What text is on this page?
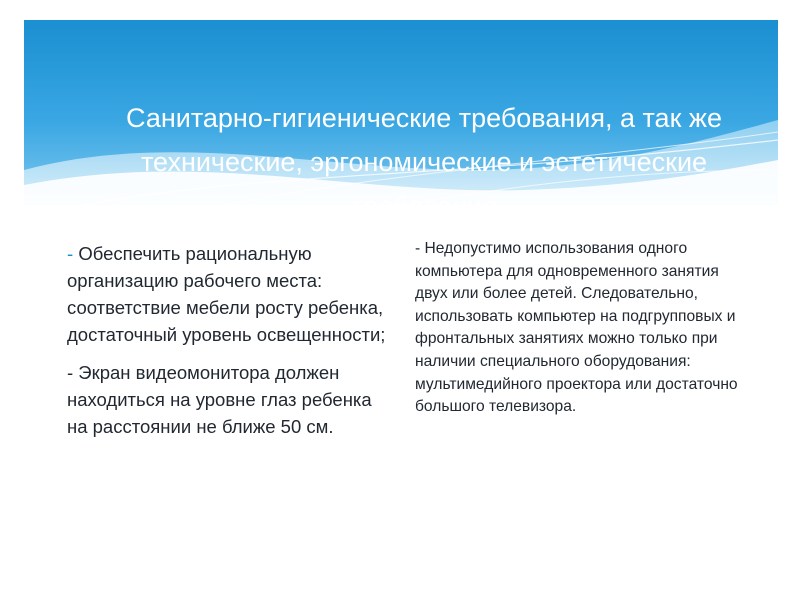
Санитарно-гигиенические требования, а так же технические, эргономические и эстетические требования

- Обеспечить рациональную организацию рабочего места: соответствие мебели росту ребенка, достаточный уровень освещенности;

- Экран видеомонитора должен находиться на уровне глаз ребенка на расстоянии не ближе 50 см.

- Недопустимо использования одного компьютера для одновременного занятия двух или более детей. Следовательно, использовать компьютер на подгрупповых и фронтальных занятиях можно только при наличии специального оборудования: мультимедийного проектора или достаточно большого телевизора.
